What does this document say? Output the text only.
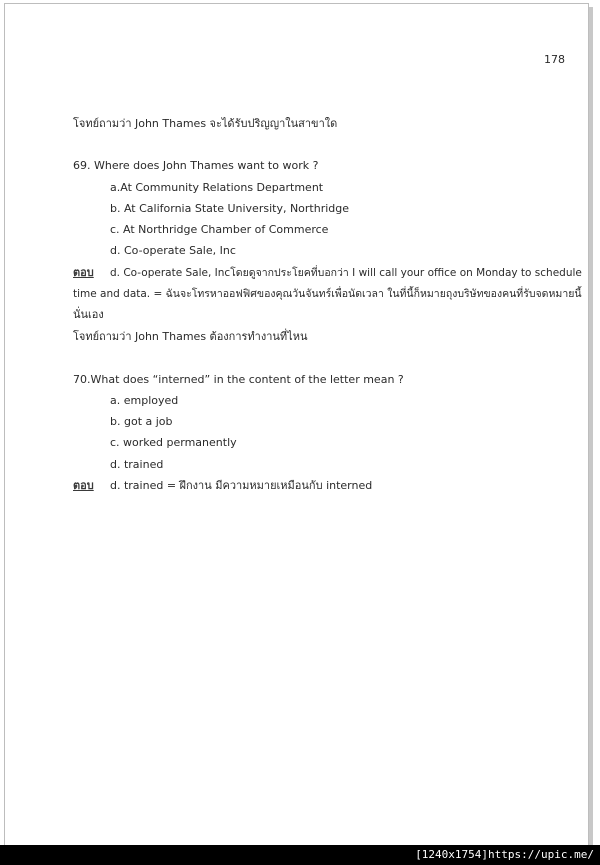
178
โจทย์ถามว่า John Thames จะได้รับปริญญาในสาขาใด
69. Where does John Thames want to work ?
a.At Community Relations Department
b. At California State University, Northridge
c. At Northridge Chamber of Commerce
d. Co-operate Sale, Inc
ตอบ d. Co-operate Sale, Incโดยดูจากประโยคที่บอกว่า I will call your office on Monday to schedule
time and data. = ฉันจะโทรหาออฟฟิศของคุณวันจันทร์เพื่อนัดเวลา ในที่นี้ก็หมายถุงบริษัทของคนที่รับจดหมายนี้
นั่นเอง
โจทย์ถามว่า John Thames ต้องการทำงานที่ไหน
70.What does “interned” in the content of the letter mean ?
a. employed
b. got a job
c. worked permanently
d. trained
ตอบ d. trained = ฝึกงาน มีความหมายเหมือนกับ interned
[1240x1754]https://upic.me/
